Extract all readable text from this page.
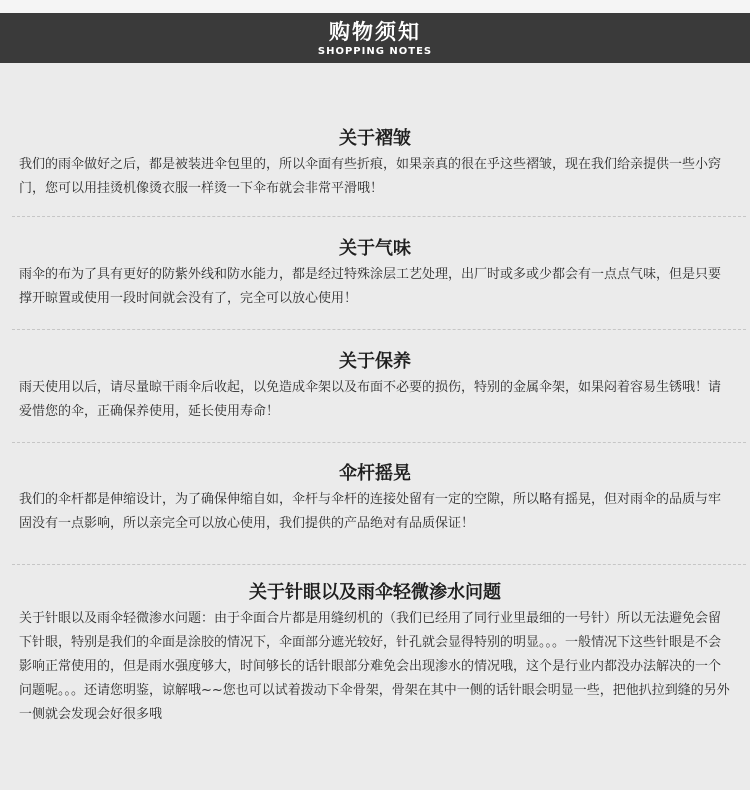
购物须知
SHOPPING NOTES
关于褶皱

我们的雨伞做好之后，都是被装进伞包里的，所以伞面有些折痕，如果亲真的很在乎这些褶皱，现在我们给亲提供一些小窍门，您可以用挂烫机像烫衣服一样烫一下伞布就会非常平滑哦！

关于气味

雨伞的布为了具有更好的防紫外线和防水能力，都是经过特殊涂层工艺处理，出厂时或多或少都会有一点点气味，但是只要撑开晾置或使用一段时间就会没有了，完全可以放心使用！

关于保养

雨天使用以后，请尽量晾干雨伞后收起，以免造成伞架以及布面不必要的损伤，特别的金属伞架，如果闷着容易生锈哦！请爱惜您的伞，正确保养使用，延长使用寿命！

伞杆摇晃

我们的伞杆都是伸缩设计，为了确保伸缩自如，伞杆与伞杆的连接处留有一定的空隙，所以略有摇晃，但对雨伞的品质与牢固没有一点影响，所以亲完全可以放心使用，我们提供的产品绝对有品质保证！

关于针眼以及雨伞轻微渗水问题

关于针眼以及雨伞轻微渗水问题：由于伞面合片都是用缝纫机的（我们已经用了同行业里最细的一号针）所以无法避免会留下针眼，特别是我们的伞面是涂胶的情况下，伞面部分遮光较好，针孔就会显得特别的明显。。。一般情况下这些针眼是不会影响正常使用的，但是雨水强度够大，时间够长的话针眼部分难免会出现渗水的情况哦，这个是行业内都没办法解决的一个问题呢。。。还请您明鉴，谅解哦~~您也可以试着拨动下伞骨架，骨架在其中一侧的话针眼会明显一些，把他扒拉到缝的另外一侧就会发现会好很多哦
